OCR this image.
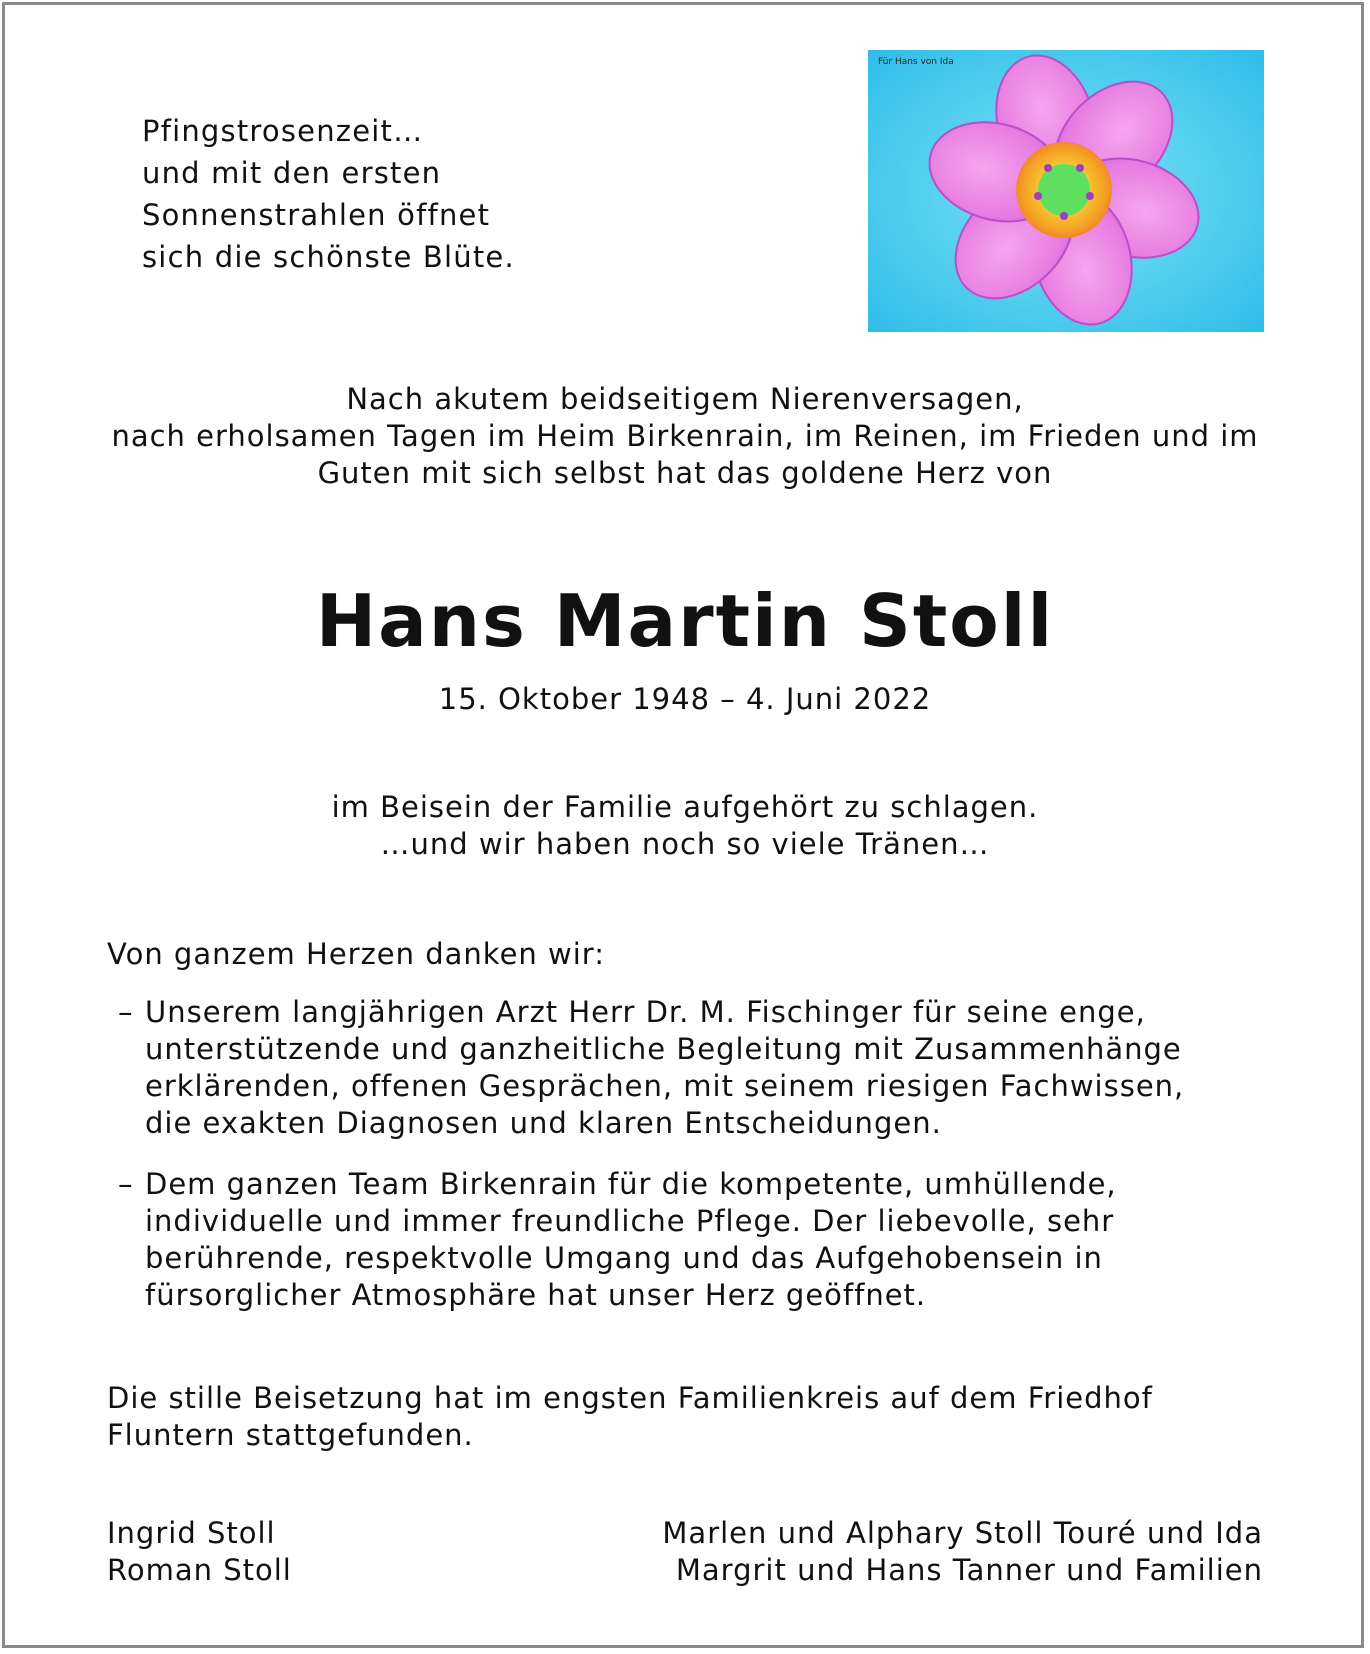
Pfingstrosenzeit…
und mit den ersten
Sonnenstrahlen öffnet
sich die schönste Blüte.
Für Hans von Ida
Nach akutem beidseitigem Nierenversagen,
nach erholsamen Tagen im Heim Birkenrain, im Reinen, im Frieden und im
Guten mit sich selbst hat das goldene Herz von
Hans Martin Stoll
15. Oktober 1948 – 4. Juni 2022
im Beisein der Familie aufgehört zu schlagen.
…und wir haben noch so viele Tränen…
Von ganzem Herzen danken wir:
– Unserem langjährigen Arzt Herr Dr. M. Fischinger für seine enge,
unterstützende und ganzheitliche Begleitung mit Zusammenhänge
erklärenden, offenen Gesprächen, mit seinem riesigen Fachwissen,
die exakten Diagnosen und klaren Entscheidungen.
– Dem ganzen Team Birkenrain für die kompetente, umhüllende,
individuelle und immer freundliche Pflege. Der liebevolle, sehr
berührende, respektvolle Umgang und das Aufgehobensein in
fürsorglicher Atmosphäre hat unser Herz geöffnet.
Die stille Beisetzung hat im engsten Familienkreis auf dem Friedhof
Fluntern stattgefunden.
Ingrid Stoll
Roman Stoll
Marlen und Alphary Stoll Touré und Ida
Margrit und Hans Tanner und Familien
